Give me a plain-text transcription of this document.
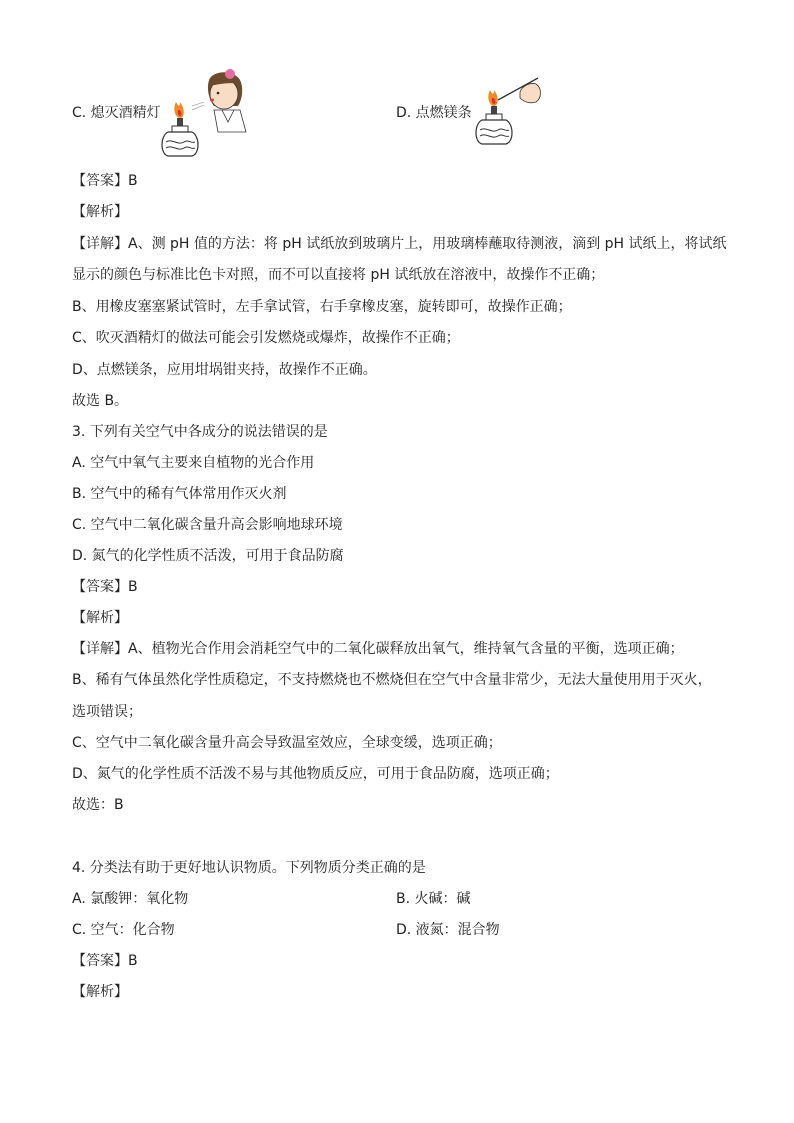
C. 熄灭酒精灯	D. 点燃镁条
【答案】B
【解析】
【详解】A、测 pH 值的方法：将 pH 试纸放到玻璃片上，用玻璃棒蘸取待测液，滴到 pH 试纸上，将试纸
显示的颜色与标准比色卡对照，而不可以直接将 pH 试纸放在溶液中，故操作不正确；
B、用橡皮塞塞紧试管时，左手拿试管，右手拿橡皮塞，旋转即可，故操作正确；
C、吹灭酒精灯的做法可能会引发燃烧或爆炸，故操作不正确；
D、点燃镁条，应用坩埚钳夹持，故操作不正确。
故选 B。
3. 下列有关空气中各成分的说法错误的是
A. 空气中氧气主要来自植物的光合作用
B. 空气中的稀有气体常用作灭火剂
C. 空气中二氧化碳含量升高会影响地球环境
D. 氮气的化学性质不活泼，可用于食品防腐
【答案】B
【解析】
【详解】A、植物光合作用会消耗空气中的二氧化碳释放出氧气，维持氧气含量的平衡，选项正确；
B、稀有气体虽然化学性质稳定，不支持燃烧也不燃烧但在空气中含量非常少，无法大量使用用于灭火，
选项错误；
C、空气中二氧化碳含量升高会导致温室效应，全球变缓，选项正确；
D、氮气的化学性质不活泼不易与其他物质反应，可用于食品防腐，选项正确；
故选：B
4. 分类法有助于更好地认识物质。下列物质分类正确的是
A. 氯酸钾：氧化物	B. 火碱：碱
C. 空气：化合物	D. 液氮：混合物
【答案】B
【解析】
